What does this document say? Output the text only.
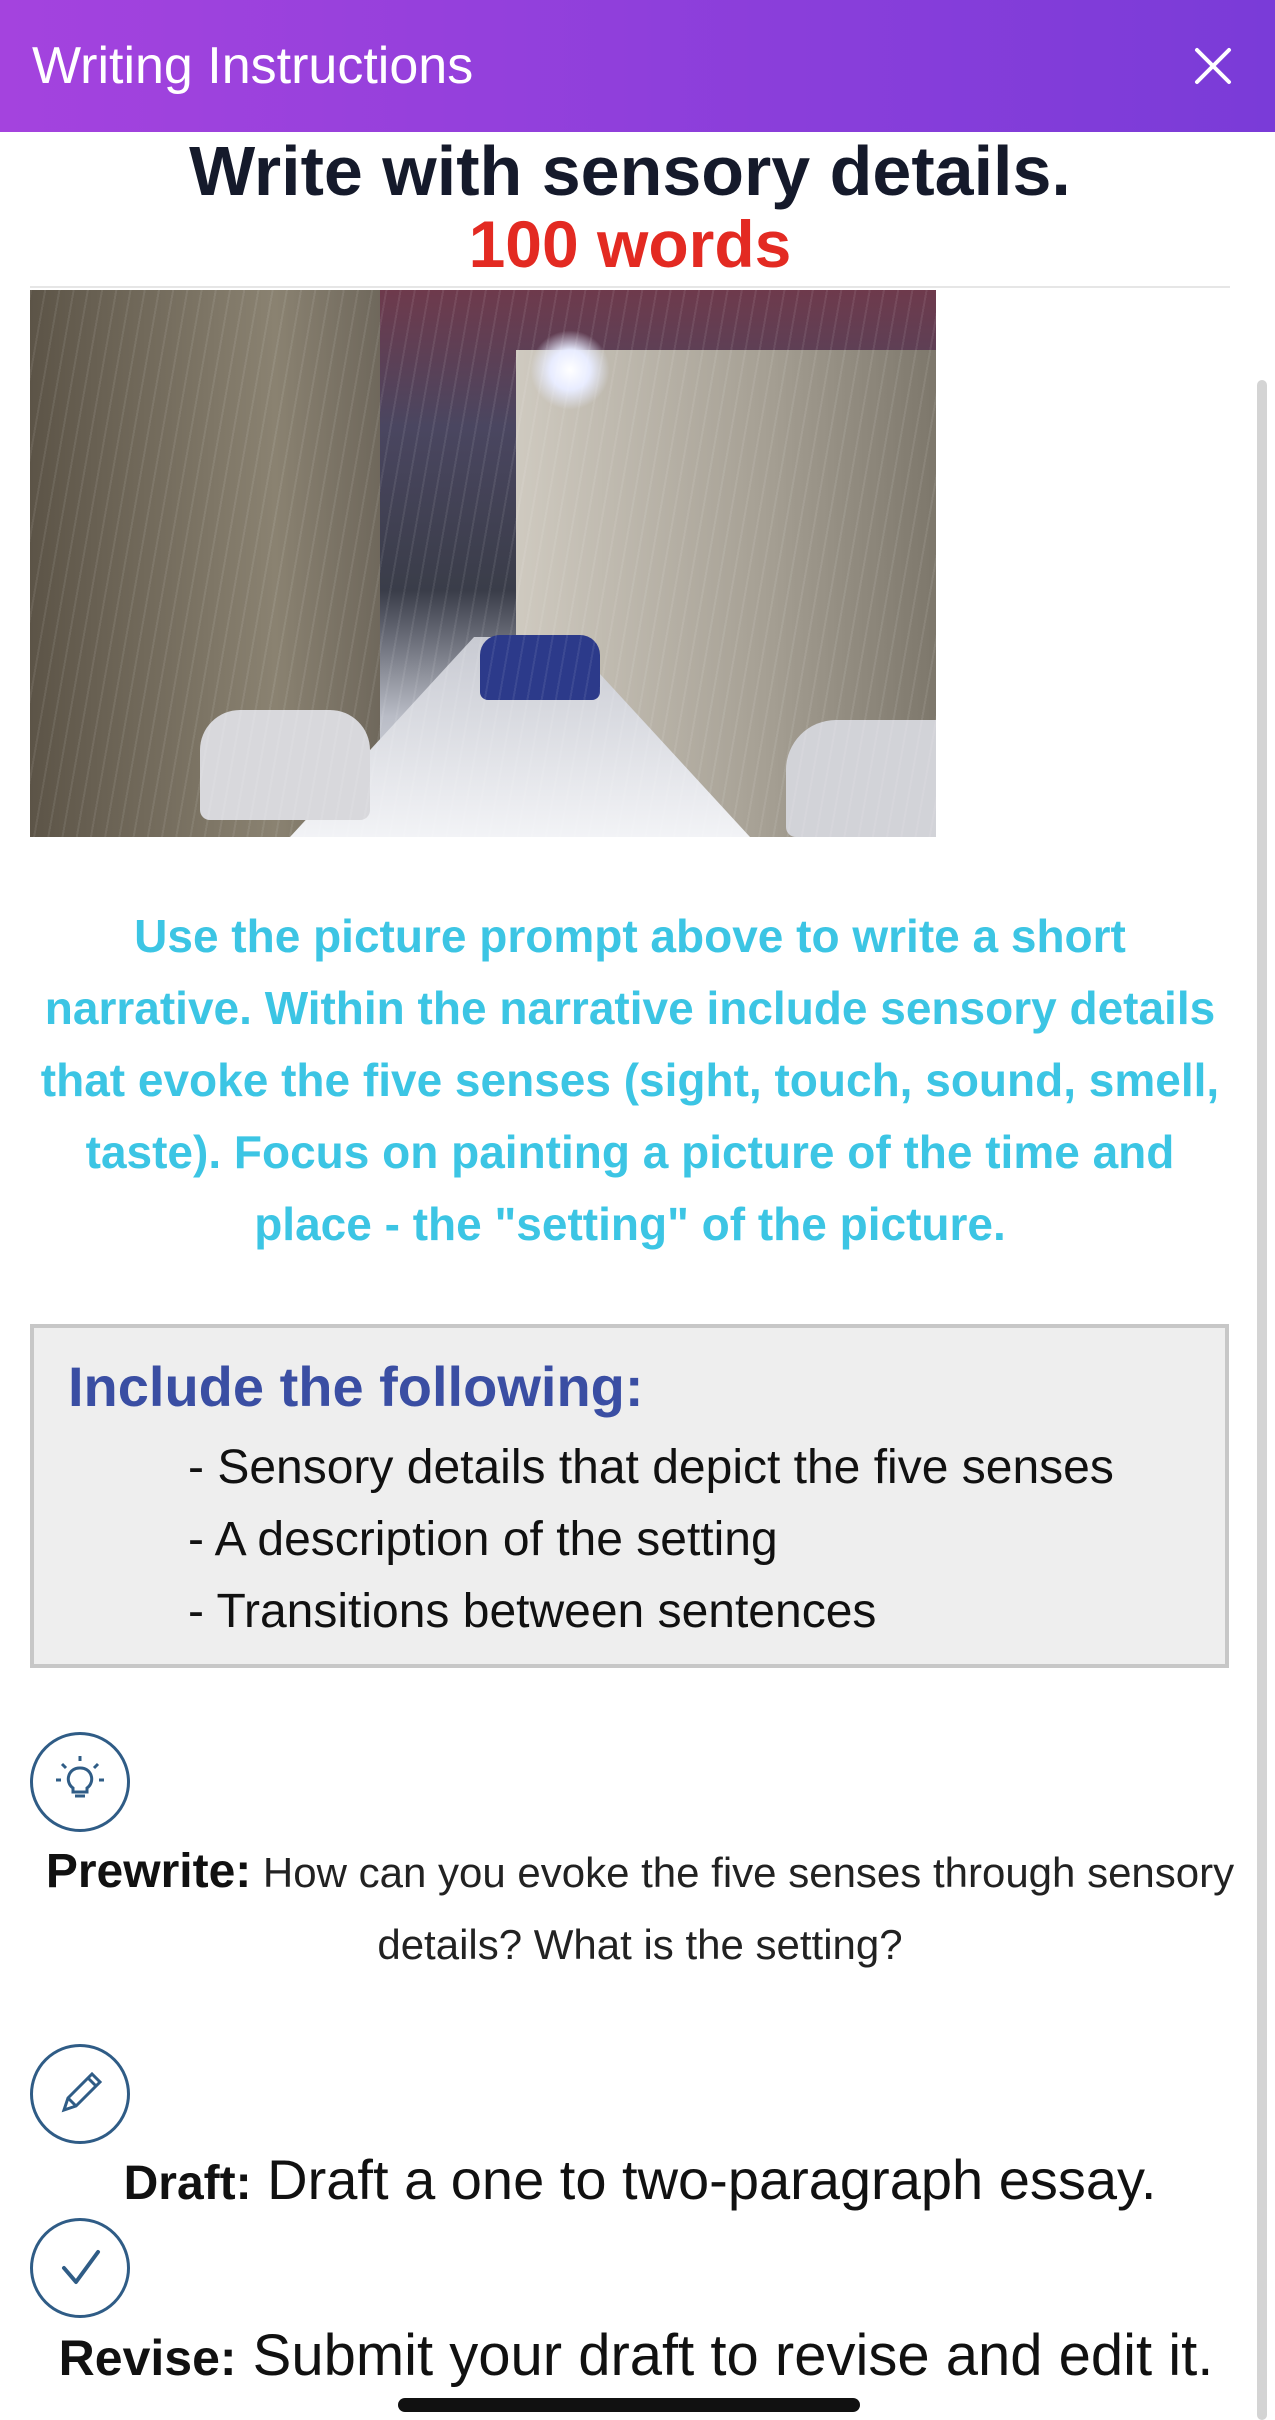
Writing Instructions
Write with sensory details.
100 words
Use the picture prompt above to write a short narrative. Within the narrative include sensory details that evoke the five senses (sight, touch, sound, smell, taste). Focus on painting a picture of the time and place - the "setting" of the picture.
Include the following:
- Sensory details that depict the five senses
- A description of the setting
- Transitions between sentences
Prewrite: How can you evoke the five senses through sensory details? What is the setting?
Draft: Draft a one to two-paragraph essay.
Revise: Submit your draft to revise and edit it.
